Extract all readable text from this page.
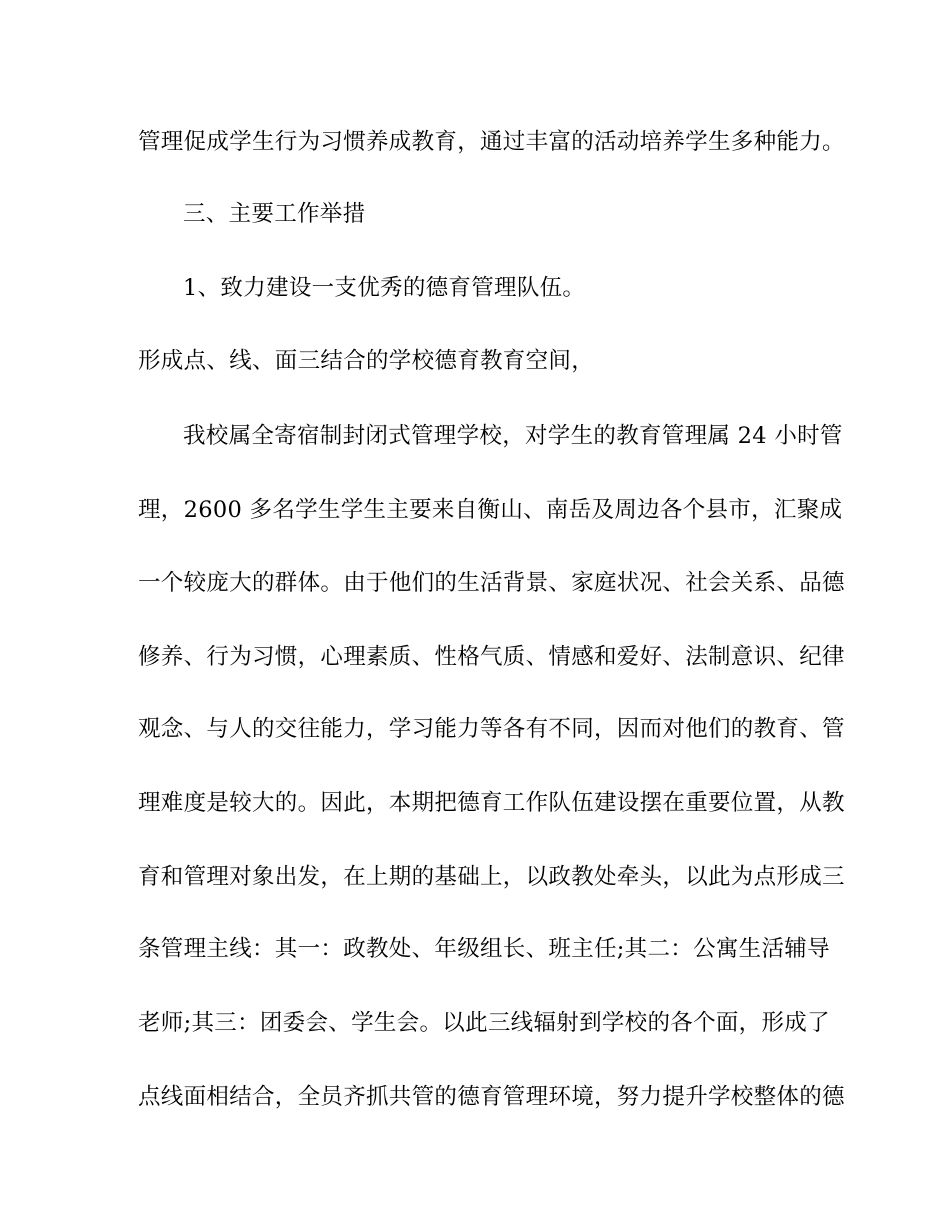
管理促成学生行为习惯养成教育，通过丰富的活动培养学生多种能力。
三、主要工作举措
1、致力建设一支优秀的德育管理队伍。
形成点、线、面三结合的学校德育教育空间，
我校属全寄宿制封闭式管理学校，对学生的教育管理属 24 小时管
理，2600 多名学生学生主要来自衡山、南岳及周边各个县市，汇聚成
一个较庞大的群体。由于他们的生活背景、家庭状况、社会关系、品德
修养、行为习惯，心理素质、性格气质、情感和爱好、法制意识、纪律
观念、与人的交往能力，学习能力等各有不同，因而对他们的教育、管
理难度是较大的。因此，本期把德育工作队伍建设摆在重要位置，从教
育和管理对象出发，在上期的基础上，以政教处牵头，以此为点形成三
条管理主线：其一：政教处、年级组长、班主任;其二：公寓生活辅导
老师;其三：团委会、学生会。以此三线辐射到学校的各个面，形成了
点线面相结合，全员齐抓共管的德育管理环境，努力提升学校整体的德
